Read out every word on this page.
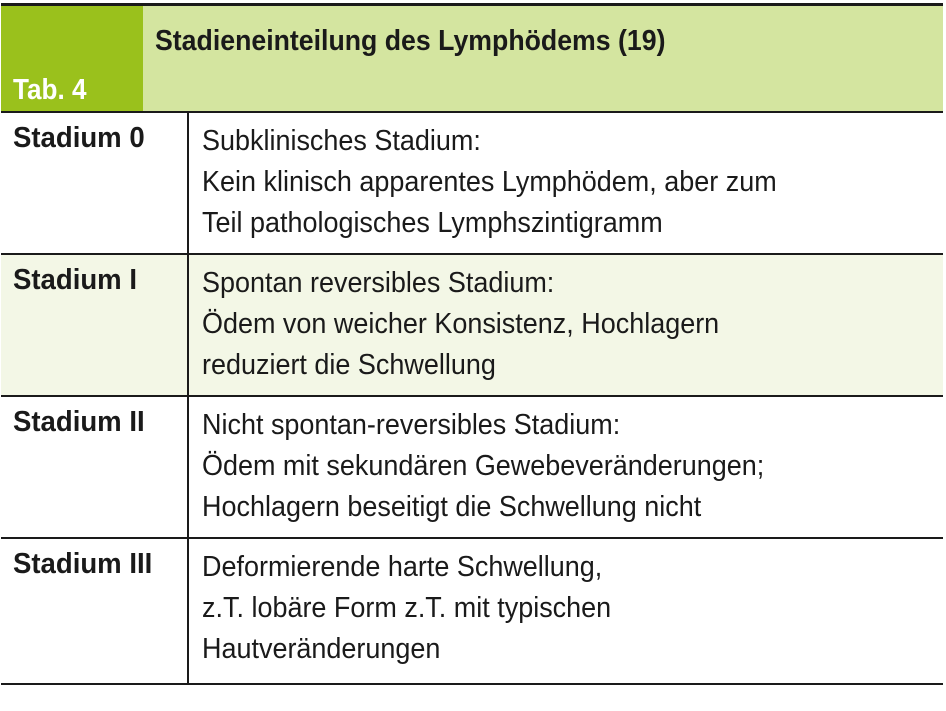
Tab. 4
Stadieneinteilung des Lymphödems (19)
Stadium 0	Subklinisches Stadium:
Kein klinisch apparentes Lymphödem, aber zum
Teil pathologisches Lymphszintigramm
Stadium I	Spontan reversibles Stadium:
Ödem von weicher Konsistenz, Hochlagern
reduziert die Schwellung
Stadium II	Nicht spontan-reversibles Stadium:
Ödem mit sekundären Gewebeveränderungen;
Hochlagern beseitigt die Schwellung nicht
Stadium III	Deformierende harte Schwellung,
z.T. lobäre Form z.T. mit typischen
Hautveränderungen
